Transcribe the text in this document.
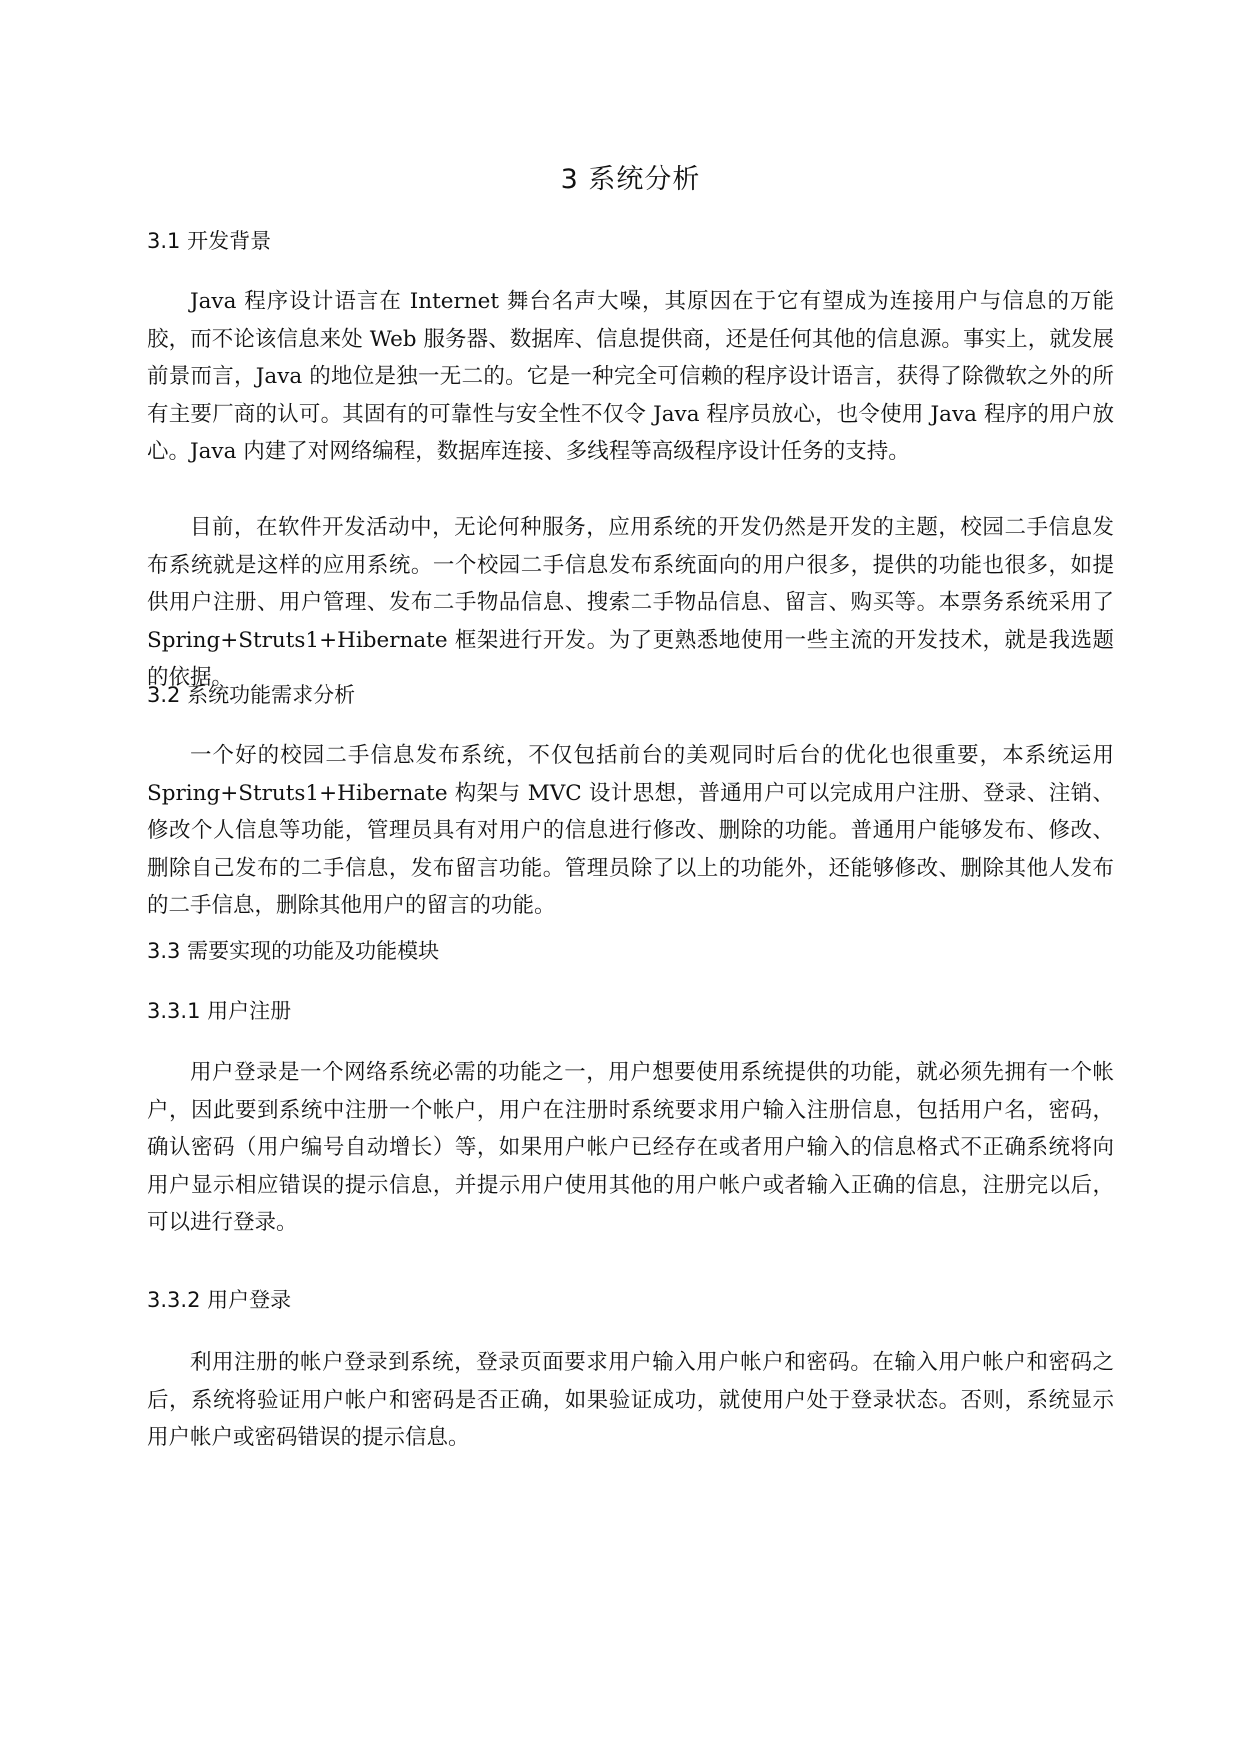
3 系统分析
3.1 开发背景

Java 程序设计语言在 Internet 舞台名声大噪，其原因在于它有望成为连接用户与信息的万能胶，而不论该信息来处 Web 服务器、数据库、信息提供商，还是任何其他的信息源。事实上，就发展前景而言，Java 的地位是独一无二的。它是一种完全可信赖的程序设计语言，获得了除微软之外的所有主要厂商的认可。其固有的可靠性与安全性不仅令 Java 程序员放心，也令使用 Java 程序的用户放心。Java 内建了对网络编程，数据库连接、多线程等高级程序设计任务的支持。

目前，在软件开发活动中，无论何种服务，应用系统的开发仍然是开发的主题，校园二手信息发布系统就是这样的应用系统。一个校园二手信息发布系统面向的用户很多，提供的功能也很多，如提供用户注册、用户管理、发布二手物品信息、搜索二手物品信息、留言、购买等。本票务系统采用了 Spring+Struts1+Hibernate 框架进行开发。为了更熟悉地使用一些主流的开发技术，就是我选题的依据。

3.2 系统功能需求分析

一个好的校园二手信息发布系统，不仅包括前台的美观同时后台的优化也很重要，本系统运用 Spring+Struts1+Hibernate 构架与 MVC 设计思想，普通用户可以完成用户注册、登录、注销、修改个人信息等功能，管理员具有对用户的信息进行修改、删除的功能。普通用户能够发布、修改、删除自己发布的二手信息，发布留言功能。管理员除了以上的功能外，还能够修改、删除其他人发布的二手信息，删除其他用户的留言的功能。

3.3 需要实现的功能及功能模块
3.3.1 用户注册

用户登录是一个网络系统必需的功能之一，用户想要使用系统提供的功能，就必须先拥有一个帐户，因此要到系统中注册一个帐户，用户在注册时系统要求用户输入注册信息，包括用户名，密码，确认密码（用户编号自动增长）等，如果用户帐户已经存在或者用户输入的信息格式不正确系统将向用户显示相应错误的提示信息，并提示用户使用其他的用户帐户或者输入正确的信息，注册完以后，可以进行登录。

3.3.2 用户登录

利用注册的帐户登录到系统，登录页面要求用户输入用户帐户和密码。在输入用户帐户和密码之后，系统将验证用户帐户和密码是否正确，如果验证成功，就使用户处于登录状态。否则，系统显示用户帐户或密码错误的提示信息。
